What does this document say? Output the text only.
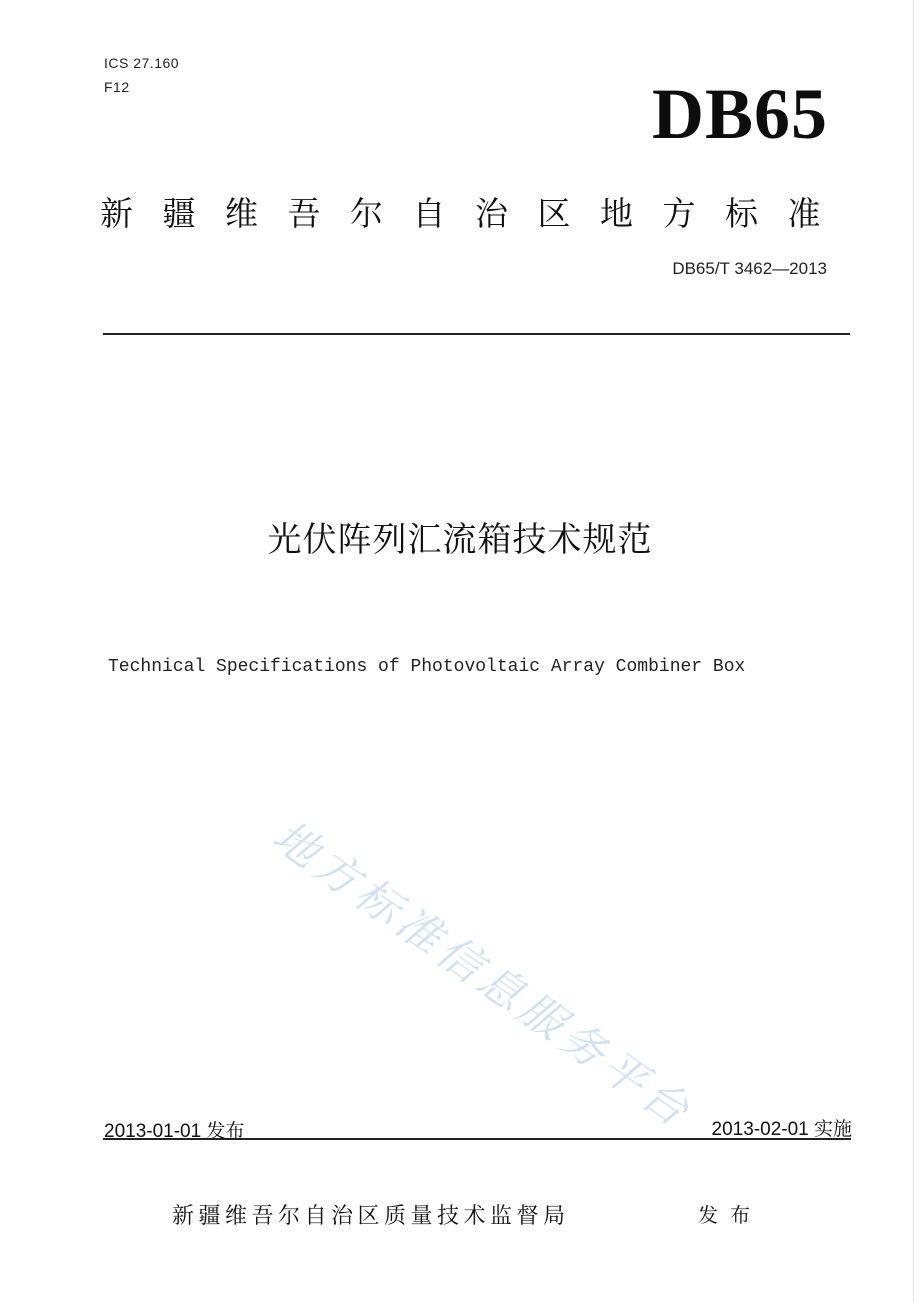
ICS 27.160
F12	DB65
新疆维吾尔自治区地方标准
DB65/T 3462—2013
光伏阵列汇流箱技术规范
Technical Specifications of Photovoltaic Array Combiner Box
地方标准信息服务平台
2013-01-01 发布	2013-02-01 实施
新疆维吾尔自治区质量技术监督局	发布
